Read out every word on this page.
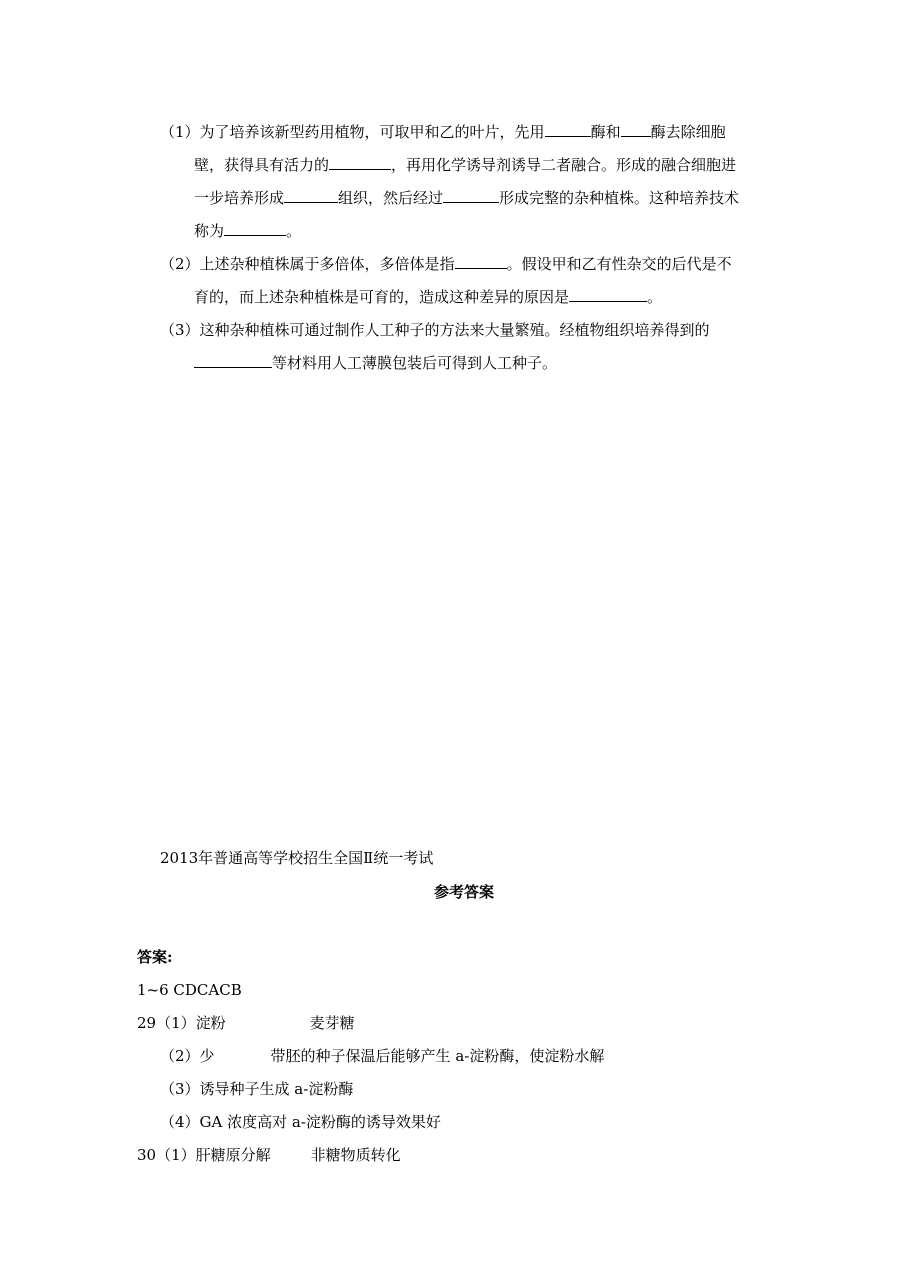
（1）为了培养该新型药用植物，可取甲和乙的叶片，先用	酶和 酶去除细胞
壁，获得具有活力的	，再用化学诱导剂诱导二者融合。形成的融合细胞进
一步培养形成	组织，然后经过	形成完整的杂种植株。这种培养技术
称为	。
（2）上述杂种植株属于多倍体，多倍体是指	。假设甲和乙有性杂交的后代是不
育的，而上述杂种植株是可育的，造成这种差异的原因是	。
（3）这种杂种植株可通过制作人工种子的方法来大量繁殖。经植物组织培养得到的
等材料用人工薄膜包装后可得到人工种子。
2013年普通高等学校招生全国Ⅱ统一考试
参考答案
答案:
1~6 CDCACB
29（1）淀粉	麦芽糖
（2）少	带胚的种子保温后能够产生 a-淀粉酶，使淀粉水解
（3）诱导种子生成 a-淀粉酶
（4）GA 浓度高对 a-淀粉酶的诱导效果好
30（1）肝糖原分解	非糖物质转化
